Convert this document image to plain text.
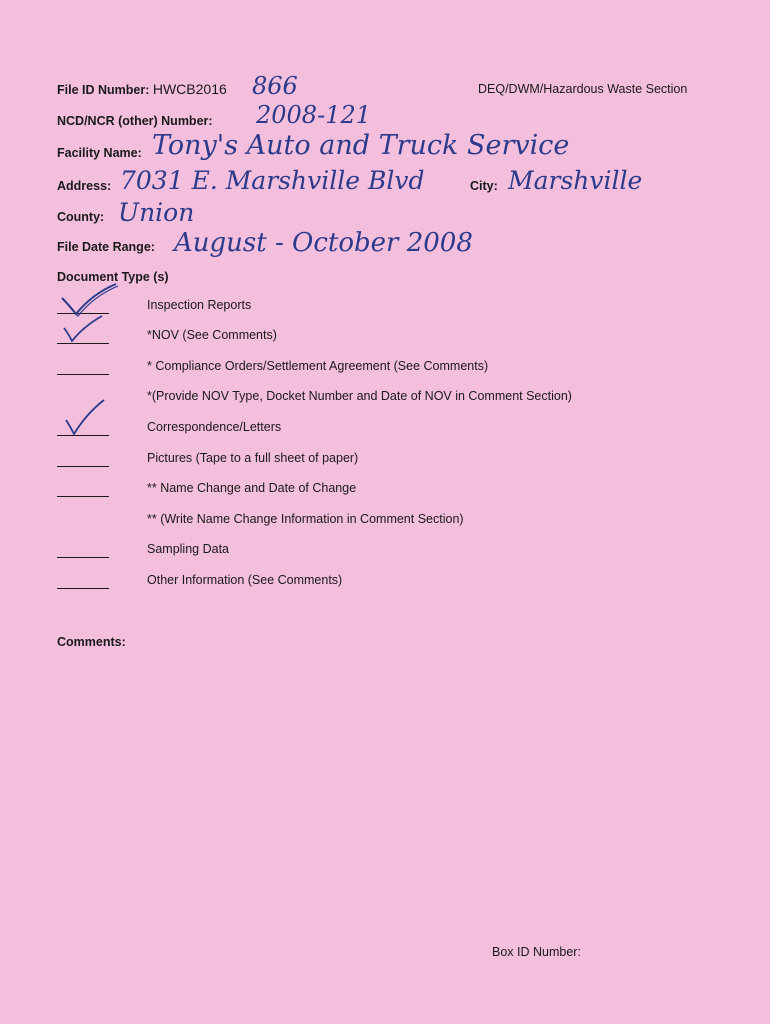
File ID Number: HWCB2016 866	DEQ/DWM/Hazardous Waste Section
NCD/NCR (other) Number: 2008-121
Facility Name: Tony's Auto and Truck Service
Address: 7031 E. Marshville Blvd	City: Marshville
County: Union
File Date Range: August - October 2008
Document Type (s)
Inspection Reports
*NOV (See Comments)
* Compliance Orders/Settlement Agreement (See Comments)
*(Provide NOV Type, Docket Number and Date of NOV in Comment Section)
Correspondence/Letters
Pictures (Tape to a full sheet of paper)
** Name Change and Date of Change
** (Write Name Change Information in Comment Section)
Sampling Data
Other Information (See Comments)
Comments:
Box ID Number:
